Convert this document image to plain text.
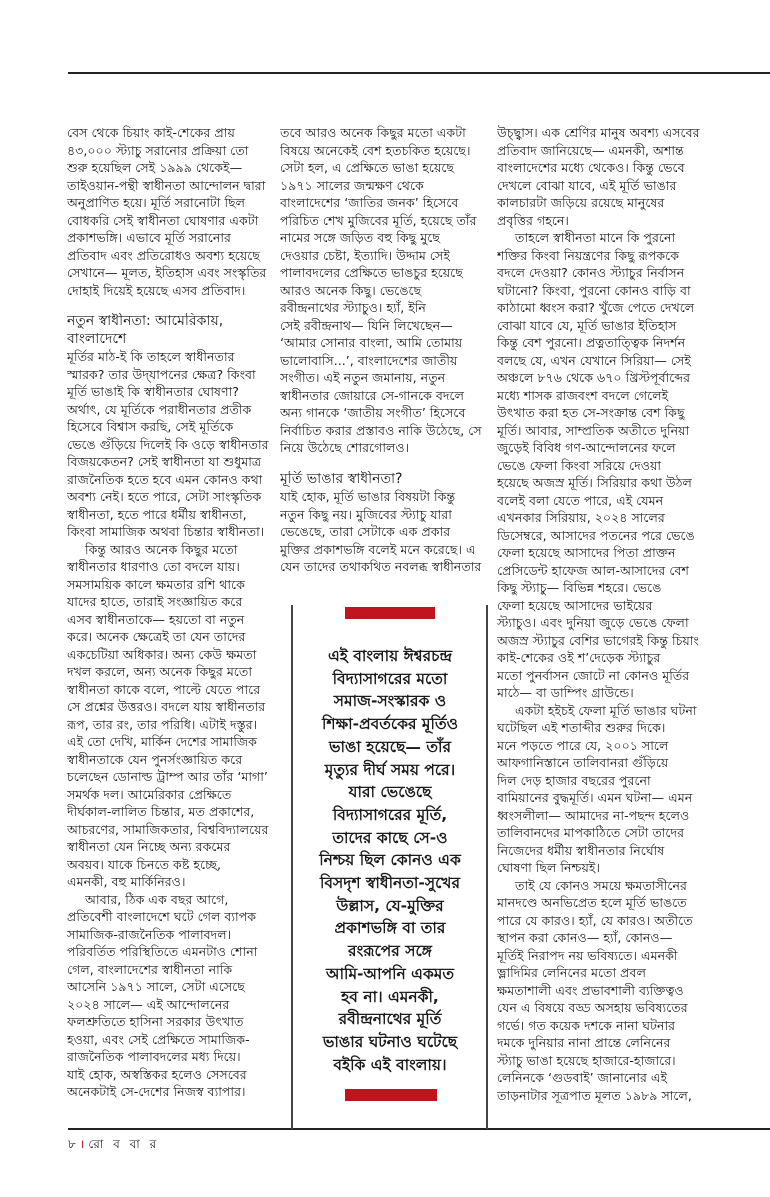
বেস থেকে চিয়াং কাই-শেকের প্রায়
৪৩,০০০ স্ট্যাচু সরানোর প্রক্রিয়া তো
শুরু হয়েছিল সেই ১৯৯৯ থেকেই—
তাইওয়ান-পন্থী স্বাধীনতা আন্দোলন দ্বারা
অনুপ্রাণিত হয়ে। মূর্তি সরানোটা ছিল
বোধকরি সেই স্বাধীনতা ঘোষণার একটা
প্রকাশভঙ্গি। এভাবে মূর্তি সরানোর
প্রতিবাদ এবং প্রতিরোধও অবশ্য হয়েছে
সেখানে— মূলত, ইতিহাস এবং সংস্কৃতির
দোহাই দিয়েই হয়েছে এসব প্রতিবাদ।
নতুন স্বাধীনতা: আমেরিকায়,
বাংলাদেশে
মূর্তির মাঠ-ই কি তাহলে স্বাধীনতার
স্মারক? তার উদ্‌যাপনের ক্ষেত্র? কিংবা
মূর্তি ভাঙাই কি স্বাধীনতার ঘোষণা?
অর্থাৎ, যে মূর্তিকে পরাধীনতার প্রতীক
হিসেবে বিশ্বাস করছি, সেই মূর্তিকে
ভেঙে গুঁড়িয়ে দিলেই কি ওড়ে স্বাধীনতার
বিজয়কেতন? সেই স্বাধীনতা যা শুধুমাত্র
রাজনৈতিক হতে হবে এমন কোনও কথা
অবশ্য নেই। হতে পারে, সেটা সাংস্কৃতিক
স্বাধীনতা, হতে পারে ধর্মীয় স্বাধীনতা,
কিংবা সামাজিক অথবা চিন্তার স্বাধীনতা।
কিন্তু আরও অনেক কিছুর মতো
স্বাধীনতার ধারণাও তো বদলে যায়।
সমসাময়িক কালে ক্ষমতার রশি থাকে
যাদের হাতে, তারাই সংজ্ঞায়িত করে
এসব স্বাধীনতাকে— হয়তো বা নতুন
করে। অনেক ক্ষেত্রেই তা যেন তাদের
একচেটিয়া অধিকার। অন্য কেউ ক্ষমতা
দখল করলে, অন্য অনেক কিছুর মতো
স্বাধীনতা কাকে বলে, পাল্টে যেতে পারে
সে প্রশ্নের উত্তরও। বদলে যায় স্বাধীনতার
রূপ, তার রং, তার পরিধি। এটাই দস্তুর।
এই তো দেখি, মার্কিন দেশের সামাজিক
স্বাধীনতাকে যেন পুনর্সংজ্ঞায়িত করে
চলেছেন ডোনাল্ড ট্রাম্প আর তাঁর ‘মাগা’
সমর্থক দল। আমেরিকার প্রেক্ষিতে
দীর্ঘকাল-লালিত চিন্তার, মত প্রকাশের,
আচরণের, সামাজিকতার, বিশ্ববিদ্যালয়ের
স্বাধীনতা যেন নিচ্ছে অন্য রকমের
অবয়ব। যাকে চিনতে কষ্ট হচ্ছে,
এমনকী, বহু মার্কিনিরও।
আবার, ঠিক এক বছর আগে,
প্রতিবেশী বাংলাদেশে ঘটে গেল ব্যাপক
সামাজিক-রাজনৈতিক পালাবদল।
পরিবর্তিত পরিস্থিতিতে এমনটাও শোনা
গেল, বাংলাদেশের স্বাধীনতা নাকি
আসেনি ১৯৭১ সালে, সেটা এসেছে
২০২৪ সালে— এই আন্দোলনের
ফলশ্রুতিতে হাসিনা সরকার উৎখাত
হওয়া, এবং সেই প্রেক্ষিতে সামাজিক-
রাজনৈতিক পালাবদলের মধ্য দিয়ে।
যাই হোক, অস্বস্তিকর হলেও সেসবের
অনেকটাই সে-দেশের নিজস্ব ব্যাপার।
তবে আরও অনেক কিছুর মতো একটা
বিষয়ে অনেকেই বেশ হতচকিত হয়েছে।
সেটা হল, এ প্রেক্ষিতে ভাঙা হয়েছে
১৯৭১ সালের জন্মক্ষণ থেকে
বাংলাদেশের ‘জাতির জনক’ হিসেবে
পরিচিত শেখ মুজিবের মূর্তি, হয়েছে তাঁর
নামের সঙ্গে জড়িত বহু কিছু মুছে
দেওয়ার চেষ্টা, ইত্যাদি। উদ্দাম সেই
পালাবদলের প্রেক্ষিতে ভাঙচুর হয়েছে
আরও অনেক কিছু। ভেঙেছে
রবীন্দ্রনাথের স্ট্যাচুও। হ্যাঁ, ইনি
সেই রবীন্দ্রনাথ— যিনি লিখেছেন—
‘আমার সোনার বাংলা, আমি তোমায়
ভালোবাসি...’, বাংলাদেশের জাতীয়
সংগীত। এই নতুন জমানায়, নতুন
স্বাধীনতার জোয়ারে সে-গানকে বদলে
অন্য গানকে ‘জাতীয় সংগীত’ হিসেবে
নির্বাচিত করার প্রস্তাবও নাকি উঠেছে, সে
নিয়ে উঠেছে শোরগোলও।
মূর্তি ভাঙার স্বাধীনতা?
যাই হোক, মূর্তি ভাঙার বিষয়টা কিন্তু
নতুন কিছু নয়। মুজিবের স্ট্যাচু যারা
ভেঙেছে, তারা সেটাকে এক প্রকার
মুক্তির প্রকাশভঙ্গি বলেই মনে করেছে। এ
যেন তাদের তথাকথিত নবলব্ধ স্বাধীনতার
উচ্ছ্বাস। এক শ্রেণির মানুষ অবশ্য এসবের
প্রতিবাদ জানিয়েছে— এমনকী, অশান্ত
বাংলাদেশের মধ্যে থেকেও। কিন্তু ভেবে
দেখলে বোঝা যাবে, এই মূর্তি ভাঙার
কালচারটা জড়িয়ে রয়েছে মানুষের
প্রবৃত্তির গহনে।
তাহলে স্বাধীনতা মানে কি পুরনো
শক্তির কিংবা নিয়ন্ত্রণের কিছু রূপককে
বদলে দেওয়া? কোনও স্ট্যাচুর নির্বাসন
ঘটানো? কিংবা, পুরনো কোনও বাড়ি বা
কাঠামো ধ্বংস করা? খুঁজে পেতে দেখলে
বোঝা যাবে যে, মূর্তি ভাঙার ইতিহাস
কিন্তু বেশ পুরনো। প্রত্নতাত্ত্বিক নিদর্শন
বলছে যে, এখন যেখানে সিরিয়া— সেই
অঞ্চলে ৮৭৬ থেকে ৬৭০ খ্রিস্টপূর্বাব্দের
মধ্যে শাসক রাজবংশ বদলে গেলেই
উৎখাত করা হত সে-সংক্রান্ত বেশ কিছু
মূর্তি। আবার, সাম্প্রতিক অতীতে দুনিয়া
জুড়েই বিবিধ গণ-আন্দোলনের ফলে
ভেঙে ফেলা কিংবা সরিয়ে দেওয়া
হয়েছে অজস্র মূর্তি। সিরিয়ার কথা উঠল
বলেই বলা যেতে পারে, এই যেমন
এখনকার সিরিয়ায়, ২০২৪ সালের
ডিসেম্বরে, আসাদের পতনের পরে ভেঙে
ফেলা হয়েছে আসাদের পিতা প্রাক্তন
প্রেসিডেন্ট হাফেজ আল-আসাদের বেশ
কিছু স্ট্যাচু— বিভিন্ন শহরে। ভেঙে
ফেলা হয়েছে আসাদের ভাইয়ের
স্ট্যাচুও। এবং দুনিয়া জুড়ে ভেঙে ফেলা
অজস্র স্ট্যাচুর বেশির ভাগেরই কিন্তু চিয়াং
কাই-শেকের ওই শ’দেড়েক স্ট্যাচুর
মতো পুনর্বাসন জোটে না কোনও মূর্তির
মাঠে— বা ডাম্পিং গ্রাউন্ডে।
একটা হইচই ফেলা মূর্তি ভাঙার ঘটনা
ঘটেছিল এই শতাব্দীর শুরুর দিকে।
মনে পড়তে পারে যে, ২০০১ সালে
আফগানিস্তানে তালিবানরা গুঁড়িয়ে
দিল দেড় হাজার বছরের পুরনো
বামিয়ানের বুদ্ধমূর্তি। এমন ঘটনা— এমন
ধ্বংসলীলা— আমাদের না-পছন্দ হলেও
তালিবানদের মাপকাঠিতে সেটা তাদের
নিজেদের ধর্মীয় স্বাধীনতার নির্ঘোষ
ঘোষণা ছিল নিশ্চয়ই।
তাই যে কোনও সময়ে ক্ষমতাসীনের
মানদণ্ডে অনভিপ্রেত হলে মূর্তি ভাঙতে
পারে যে কারও। হ্যাঁ, যে কারও। অতীতে
স্থাপন করা কোনও— হ্যাঁ, কোনও—
মূর্তিই নিরাপদ নয় ভবিষ্যতে। এমনকী
ভ্লাদিমির লেনিনের মতো প্রবল
ক্ষমতাশালী এবং প্রভাবশালী ব্যক্তিত্বও
যেন এ বিষয়ে বড্ড অসহায় ভবিষ্যতের
গর্ভে। গত কয়েক দশকে নানা ঘটনার
দমকে দুনিয়ার নানা প্রান্তে লেনিনের
স্ট্যাচু ভাঙা হয়েছে হাজারে-হাজারে।
লেনিনকে ‘গুডবাই’ জানানোর এই
তাড়নাটার সূত্রপাত মূলত ১৯৮৯ সালে,
এই বাংলায় ঈশ্বরচন্দ্র
বিদ্যাসাগরের মতো
সমাজ-সংস্কারক ও
শিক্ষা-প্রবর্তকের মূর্তিও
ভাঙা হয়েছে— তাঁর
মৃত্যুর দীর্ঘ সময় পরে।
যারা ভেঙেছে
বিদ্যাসাগরের মূর্তি,
তাদের কাছে সে-ও
নিশ্চয় ছিল কোনও এক
বিসদৃশ স্বাধীনতা-সুখের
উল্লাস, যে-মুক্তির
প্রকাশভঙ্গি বা তার
রংরূপের সঙ্গে
আমি-আপনি একমত
হব না। এমনকী,
রবীন্দ্রনাথের মূর্তি
ভাঙার ঘটনাও ঘটেছে
বইকি এই বাংলায়।
৮ । রো ব বা র
